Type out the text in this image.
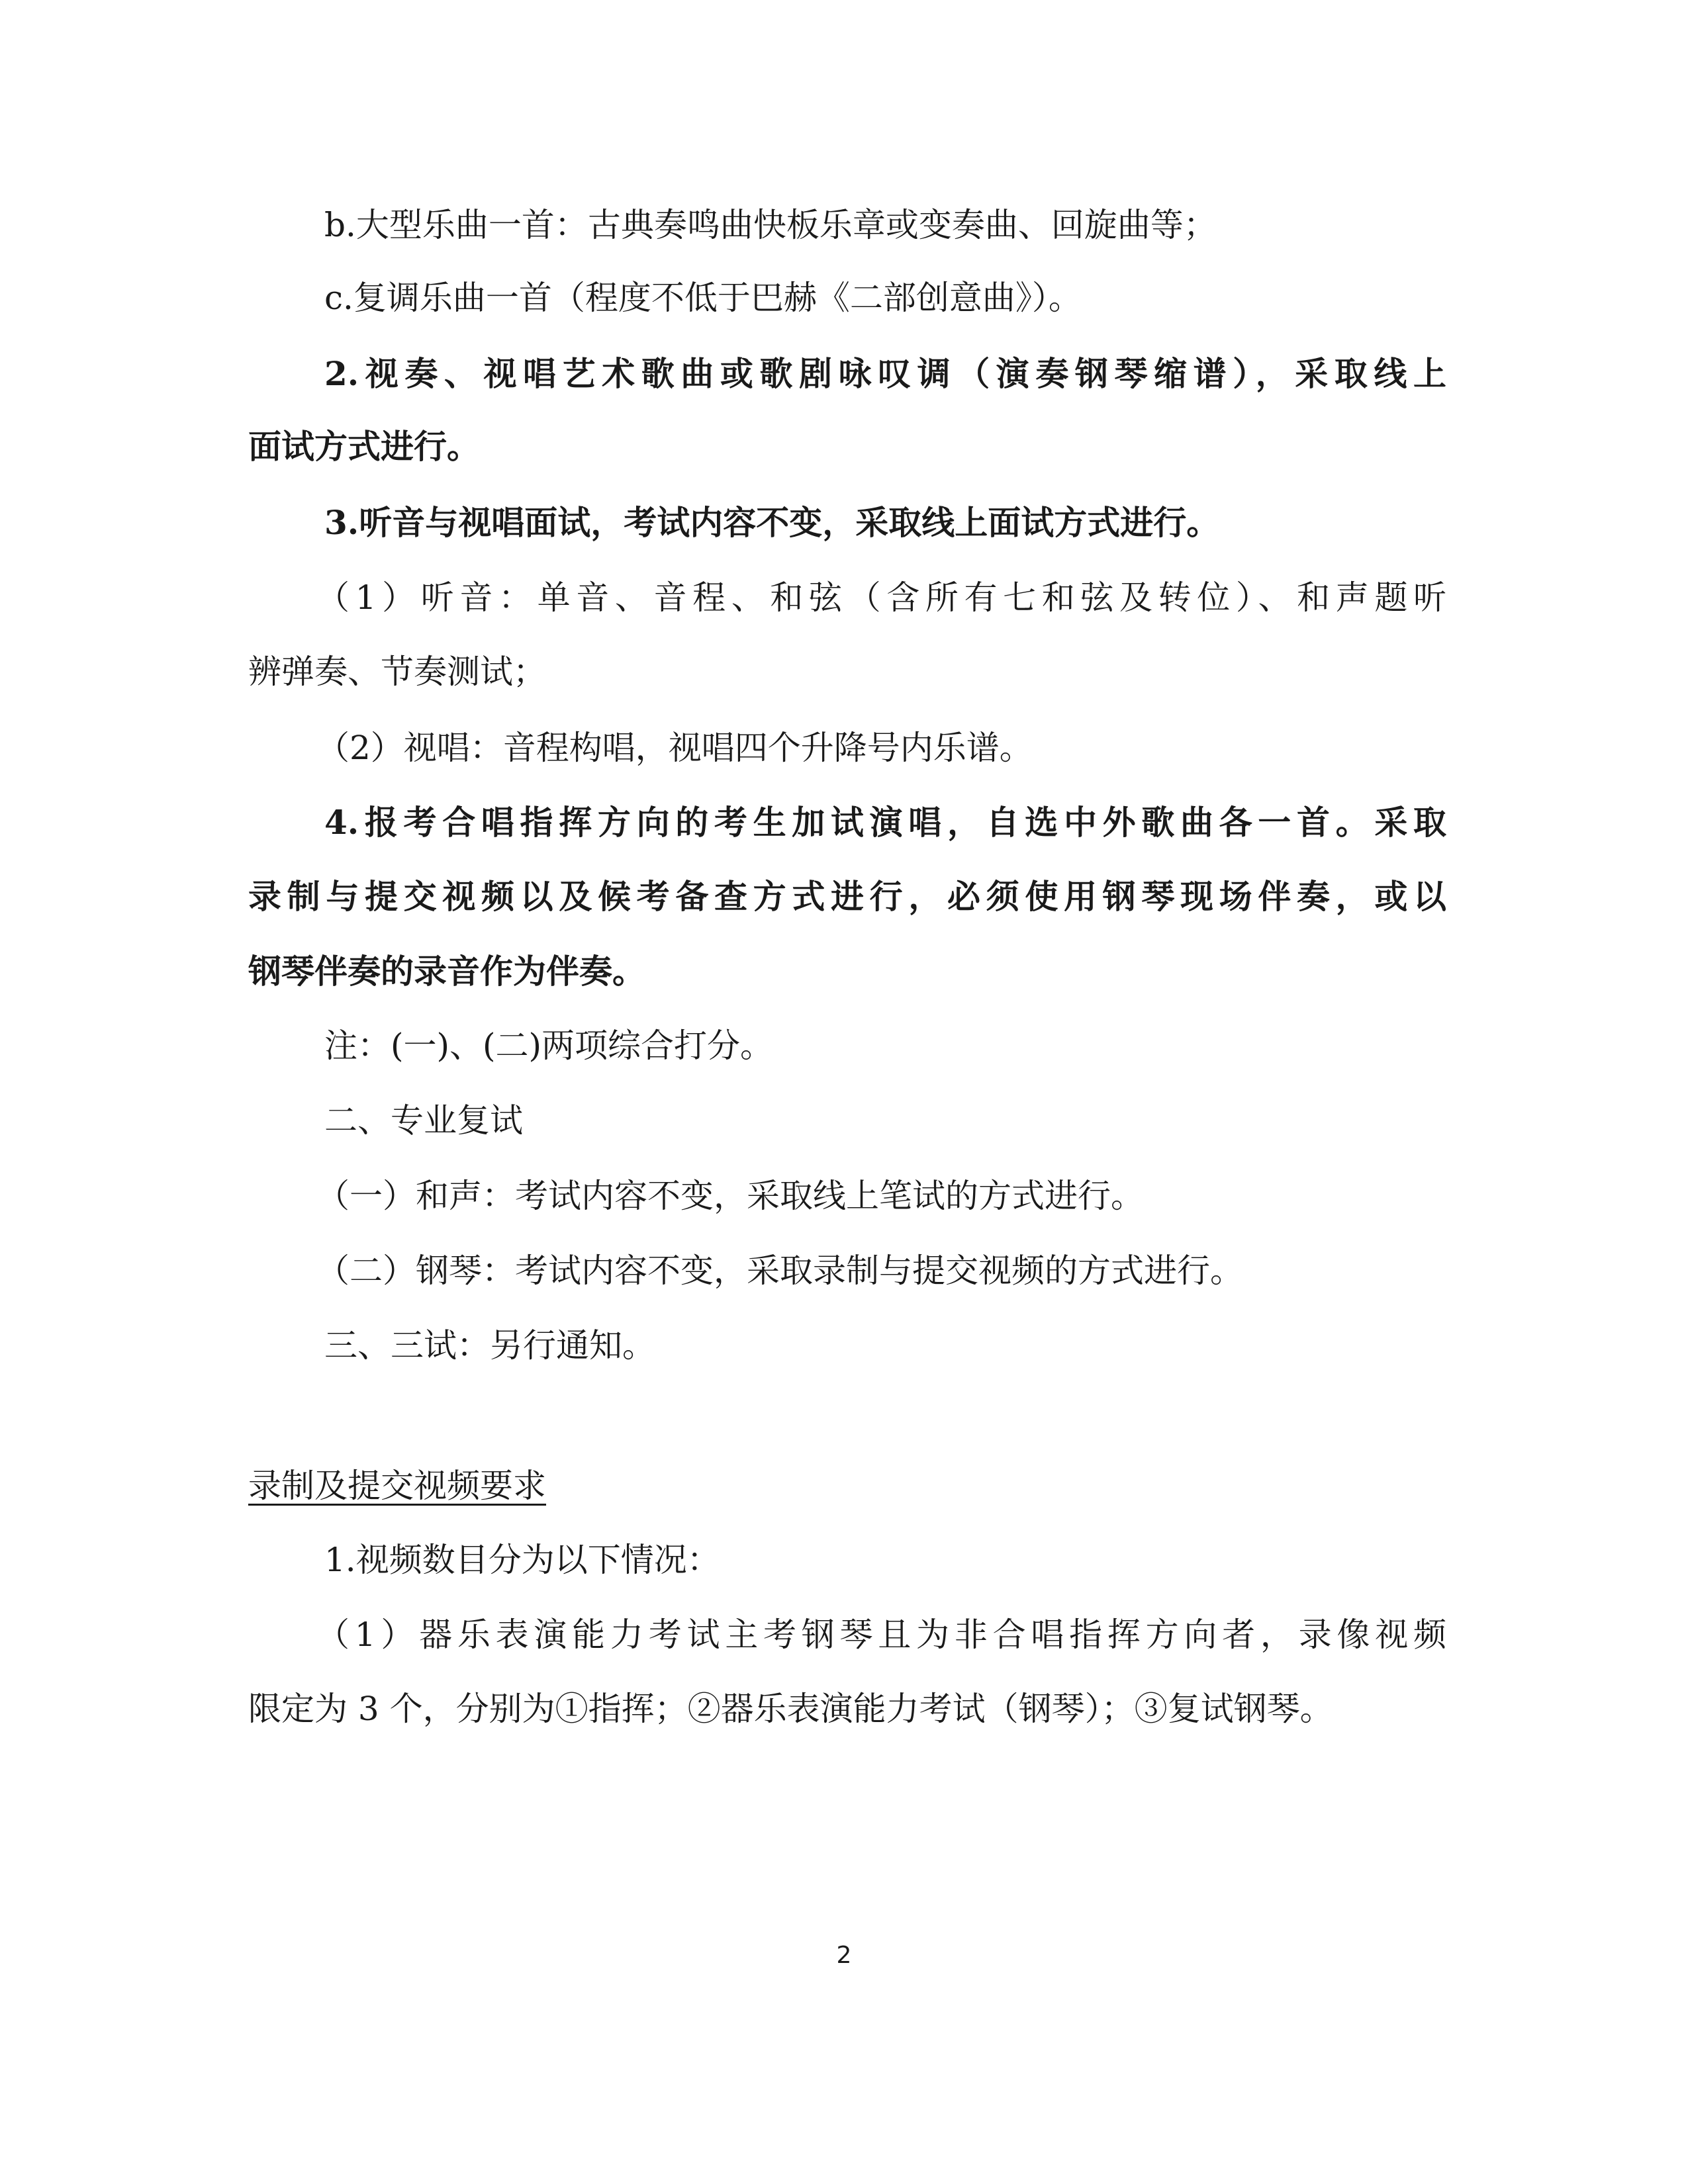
b.大型乐曲一首：古典奏鸣曲快板乐章或变奏曲、回旋曲等；
c.复调乐曲一首（程度不低于巴赫《二部创意曲》）。
2.视奏、视唱艺术歌曲或歌剧咏叹调（演奏钢琴缩谱），采取线上
面试方式进行。
3.听音与视唱面试，考试内容不变，采取线上面试方式进行。
（1）听音：单音、音程、和弦（含所有七和弦及转位）、和声题听
辨弹奏、节奏测试；
（2）视唱：音程构唱，视唱四个升降号内乐谱。
4.报考合唱指挥方向的考生加试演唱，自选中外歌曲各一首。采取
录制与提交视频以及候考备查方式进行，必须使用钢琴现场伴奏，或以
钢琴伴奏的录音作为伴奏。
注：(一)、(二)两项综合打分。
二、专业复试
（一）和声：考试内容不变，采取线上笔试的方式进行。
（二）钢琴：考试内容不变，采取录制与提交视频的方式进行。
三、三试：另行通知。
录制及提交视频要求
1.视频数目分为以下情况：
（1）器乐表演能力考试主考钢琴且为非合唱指挥方向者，录像视频
限定为 3 个，分别为①指挥；②器乐表演能力考试（钢琴）；③复试钢琴。
2
